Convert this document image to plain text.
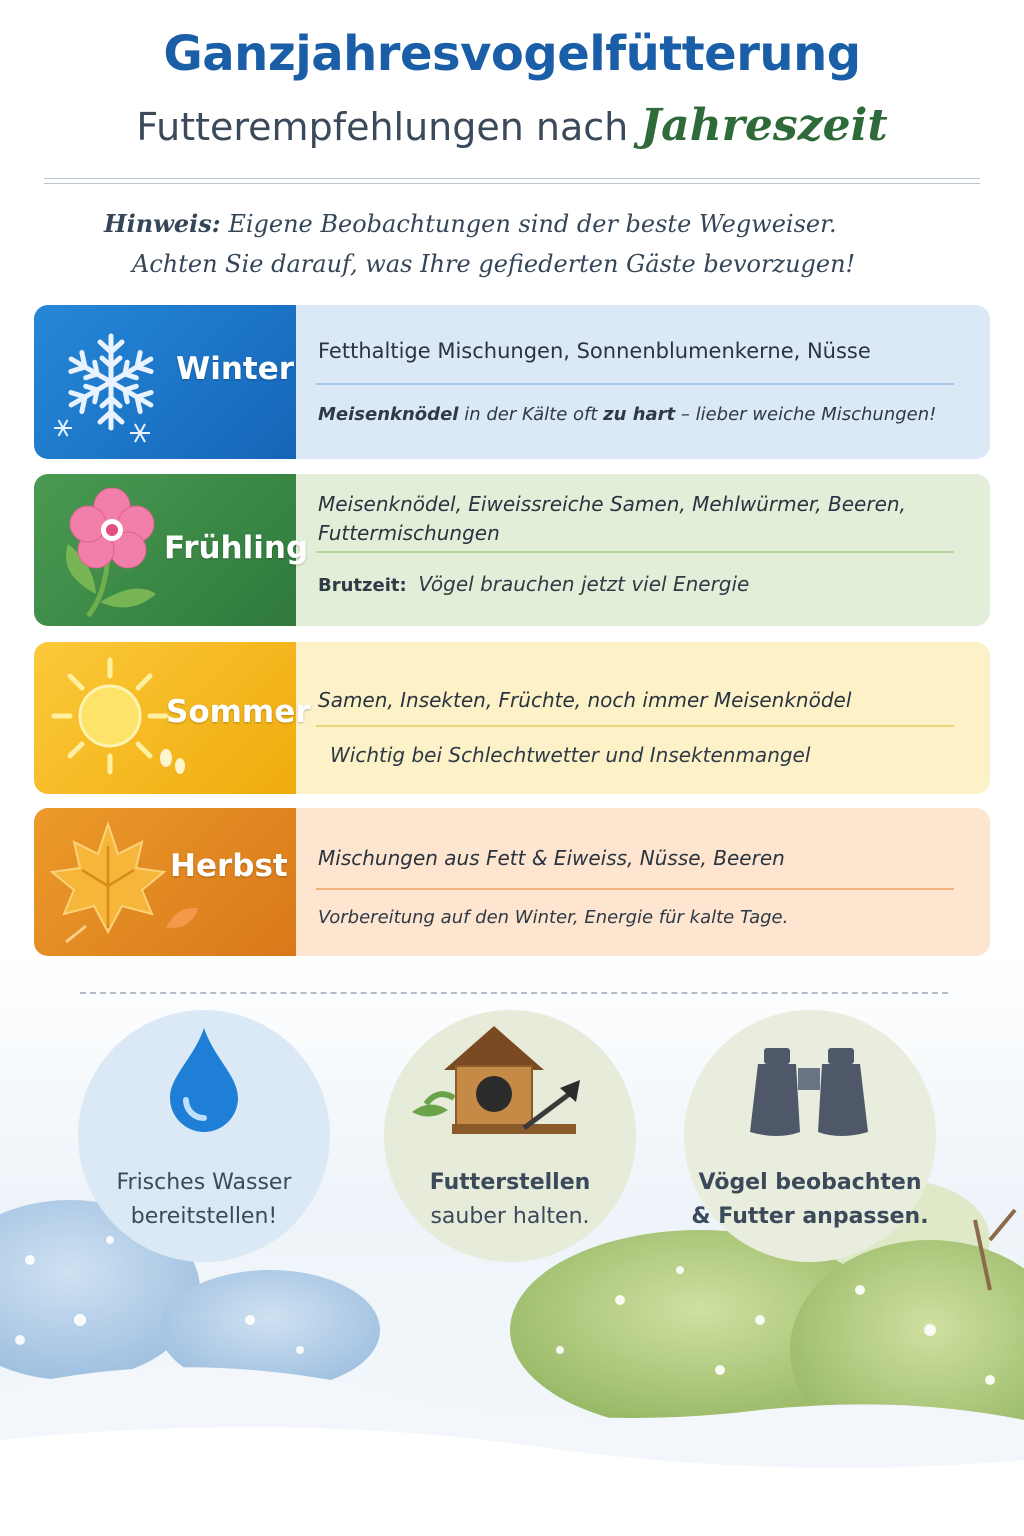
Ganzjahresvogelfütterung
Futterempfehlungen nach Jahreszeit
Hinweis: Eigene Beobachtungen sind der beste Wegweiser.
Achten Sie darauf, was Ihre gefiederten Gäste bevorzugen!
Winter Fetthaltige Mischungen, Sonnenblumenkerne, Nüsse
Meisenknödel in der Kälte oft zu hart – lieber weiche Mischungen!
Frühling
Meisenknödel, Eiweissreiche Samen, Mehlwürmer, Beeren, Futtermischungen
Brutzeit: Vögel brauchen jetzt viel Energie
Sommer Samen, Insekten, Früchte, noch immer Meisenknödel
Wichtig bei Schlechtwetter und Insektenmangel
Herbst Mischungen aus Fett & Eiweiss, Nüsse, Beeren
Vorbereitung auf den Winter, Energie für kalte Tage.
Frisches Wasser
bereitstellen!
Futterstellen
sauber halten.
Vögel beobachten
& Futter anpassen.
